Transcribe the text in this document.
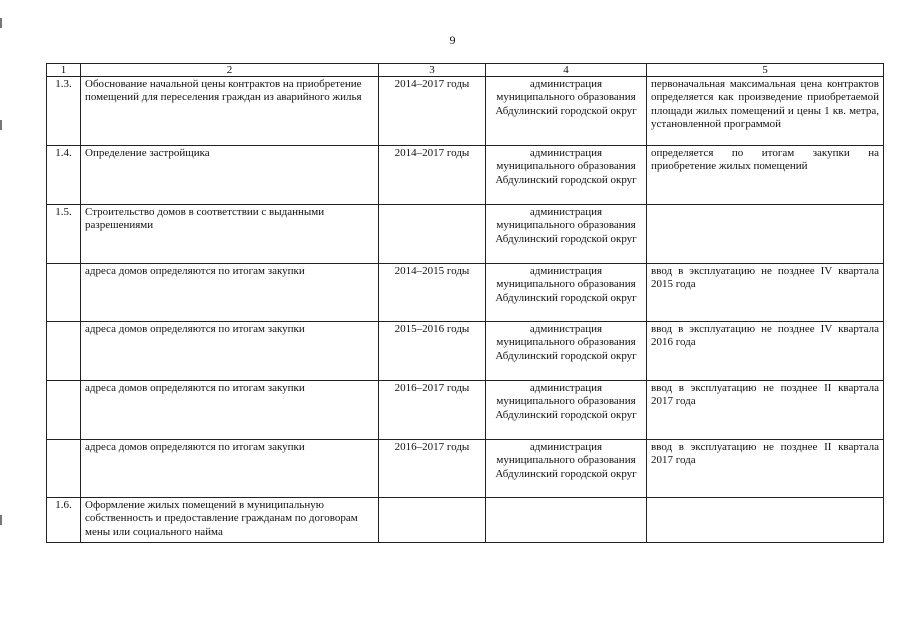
9
1	2	3	4	5
1.3.	Обоснование начальной цены контрактов на приобретение помещений для переселения граждан из аварийного жилья	2014–2017 годы	администрация муниципального образования Абдулинский городской округ	первоначальная максимальная цена контрактов определяется как произведение приобретаемой площади жилых помещений и цены 1 кв. метра, установленной программой
1.4.	Определение застройщика	2014–2017 годы	администрация муниципального образования Абдулинский городской округ	определяется по итогам закупки на приобретение жилых помещений
1.5.	Строительство домов в соответствии с выданными разрешениями		администрация муниципального образования Абдулинский городской округ	
	адреса домов определяются по итогам закупки	2014–2015 годы	администрация муниципального образования Абдулинский городской округ	ввод в эксплуатацию не позднее IV квартала 2015 года
	адреса домов определяются по итогам закупки	2015–2016 годы	администрация муниципального образования Абдулинский городской округ	ввод в эксплуатацию не позднее IV квартала 2016 года
	адреса домов определяются по итогам закупки	2016–2017 годы	администрация муниципального образования Абдулинский городской округ	ввод в эксплуатацию не позднее II квартала 2017 года
	адреса домов определяются по итогам закупки	2016–2017 годы	администрация муниципального образования Абдулинский городской округ	ввод в эксплуатацию не позднее II квартала 2017 года
1.6.	Оформление жилых помещений в муниципальную собственность и предоставление гражданам по договорам мены или социального найма			
